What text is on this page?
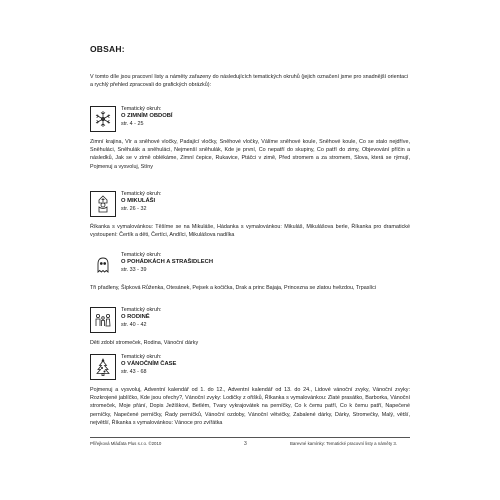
OBSAH:
V tomto díle jsou pracovní listy a náměty zařazeny do následujících tematických okruhů (jejich označení jsme pro snadnější orientaci a rychlý přehled zpracovali do grafických obrázků):
Tematický okruh:
O ZIMNÍM OBDOBÍ
str. 4 - 25
Zimní krajina, Vír a sněhové vločky, Padající vločky, Sněhové vločky, Válíme sněhové koule, Sněhové koule, Co se stalo nejdříve, Sněhuláci, Sněhulák a sněhuláci, Nejmenší sněhulák, Kde je první, Co nepatří do skupiny, Co patří do zimy, Objevování příčin a následků, Jak se v zimě oblékáme, Zimní čepice, Rukavice, Ptáčci v zimě, Před stromem a za stromem, Slova, která se rýmují, Pojmenuj a vysvoluj, Stíny
Tematický okruh:
O MIKULÁŠI
str. 26 - 32
Říkanka s vymalovánkou: Těšíme se na Mikuláše, Hádanka s vymalovánkou: Mikuláš, Mikulášova berle, Říkanka pro dramatické vystoupení: Čertík a děti, Čertíci, Andílci, Mikulášova nadílka
Tematický okruh:
O POHÁDKÁCH A STRAŠIDLECH
str. 33 - 39
Tři přadleny, Šípková Růženka, Otesánek, Pejsek a kočička, Drak a princ Bajaja, Princezna se zlatou hvězdou, Trpaslíci
Tematický okruh:
O RODINĚ
str. 40 - 42
Děti zdobí stromeček, Rodina, Vánoční dárky
Tematický okruh:
O VÁNOČNÍM ČASE
str. 43 - 68
Pojmenuj a vysvoluj, Adventní kalendář od 1. do 12., Adventní kalendář od 13. do 24., Lidové vánoční zvyky, Vánoční zvyky: Rozkrojené jablíčko, Kde jsou ořechy?, Vánoční zvyky: Lodičky z ořišků, Říkanka s vymalovánkou: Zlaté prasátko, Barborka, Vánoční stromeček, Moje přání, Dopis Ježíškovi, Betlém, Tvary vykrajovátek na perníčky, Co k čemu patří, Co k čemu patří, Napečené perníčky, Napečené perníčky, Řady perníčků, Vánoční ozdoby, Vánoční větvičky, Zabalené dárky, Dárky, Stromečky, Malý, větší, největší, Říkanka s vymalovánkou: Vánoce pro zvířátka
Přiřejková Mláďata Plus s.r.o. ©2010	3	Barevné kamínky: Tematické pracovní listy a náměty 3.
